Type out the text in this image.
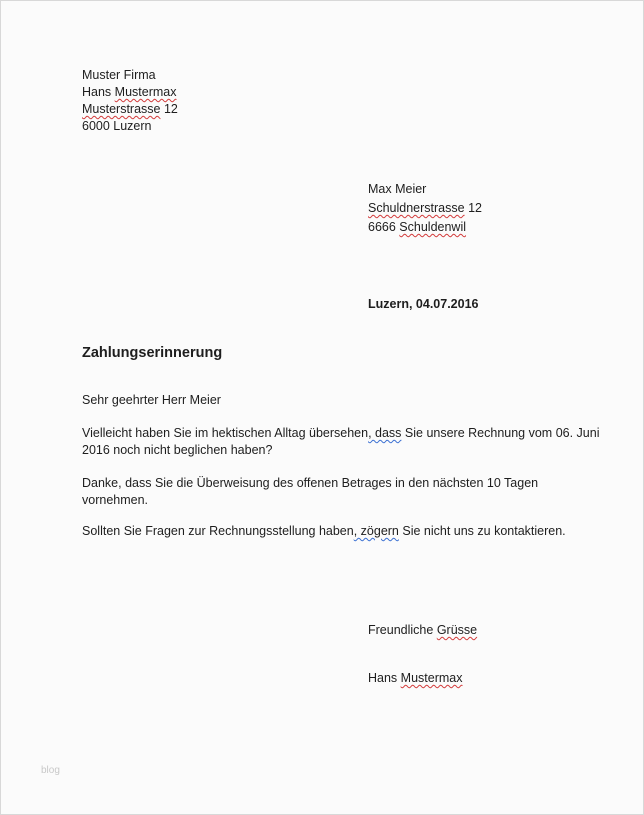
Muster Firma
Hans Mustermax
Musterstrasse 12
6000 Luzern
Max Meier
Schuldnerstrasse 12
6666 Schuldenwil
Luzern, 04.07.2016
Zahlungserinnerung
Sehr geehrter Herr Meier
Vielleicht haben Sie im hektischen Alltag übersehen, dass Sie unsere Rechnung vom 06. Juni
2016 noch nicht beglichen haben?
Danke, dass Sie die Überweisung des offenen Betrages in den nächsten 10 Tagen
vornehmen.
Sollten Sie Fragen zur Rechnungsstellung haben, zögern Sie nicht uns zu kontaktieren.
Freundliche Grüsse
Hans Mustermax
blog
